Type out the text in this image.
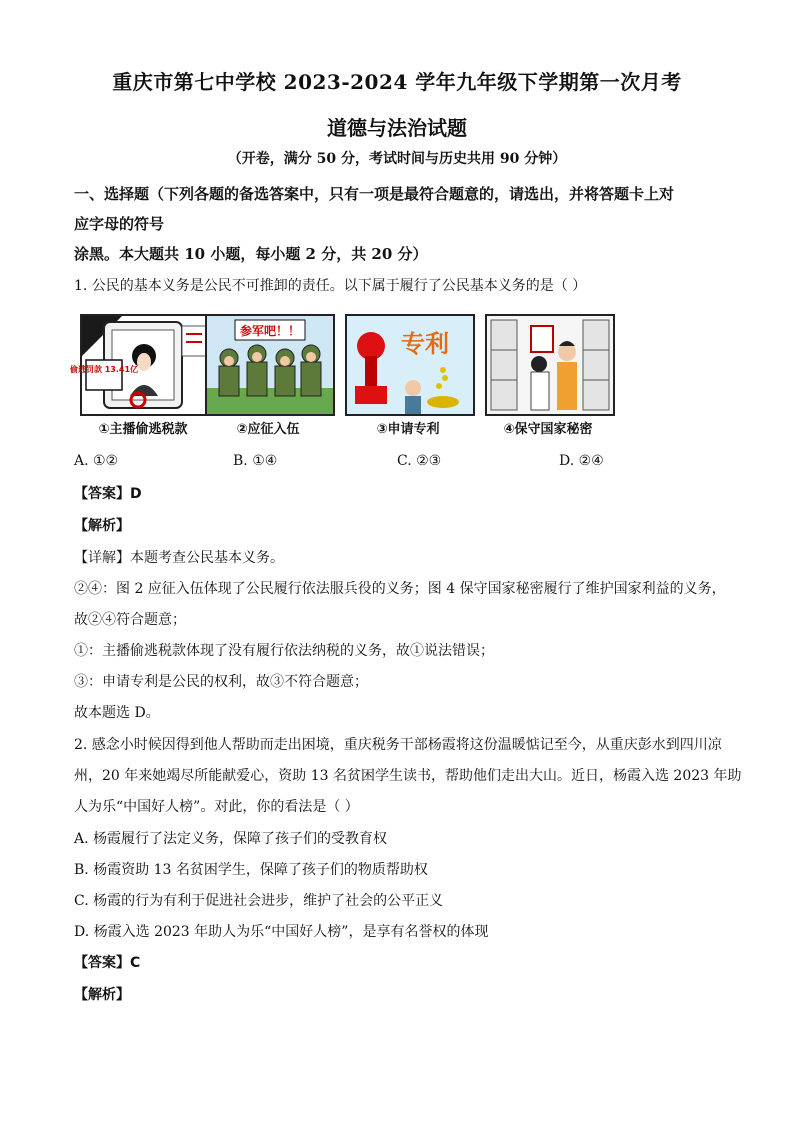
重庆市第七中学校 2023-2024 学年九年级下学期第一次月考
道德与法治试题
（开卷，满分 50 分，考试时间与历史共用 90 分钟）
一、选择题（下列各题的备选答案中，只有一项是最符合题意的，请选出，并将答题卡上对
应字母的符号
涂黑。本大题共 10 小题，每小题 2 分，共 20 分）
1. 公民的基本义务是公民不可推卸的责任。以下属于履行了公民基本义务的是（ ）
偷逃罚款 13.41亿
参军吧！！	专利
①主播偷逃税款	②应征入伍	③申请专利	④保守国家秘密
A. ①②	B. ①④	C. ②③	D. ②④
【答案】D
【解析】
【详解】本题考查公民基本义务。
②④：图 2 应征入伍体现了公民履行依法服兵役的义务；图 4 保守国家秘密履行了维护国家利益的义务，
故②④符合题意；
①：主播偷逃税款体现了没有履行依法纳税的义务，故①说法错误；
③：申请专利是公民的权利，故③不符合题意；
故本题选 D。
2. 感念小时候因得到他人帮助而走出困境，重庆税务干部杨霞将这份温暖惦记至今，从重庆彭水到四川凉
州，20 年来她竭尽所能献爱心，资助 13 名贫困学生读书，帮助他们走出大山。近日，杨霞入选 2023 年助
人为乐“中国好人榜”。对此，你的看法是（ ）
A. 杨霞履行了法定义务，保障了孩子们的受教育权
B. 杨霞资助 13 名贫困学生，保障了孩子们的物质帮助权
C. 杨霞的行为有利于促进社会进步，维护了社会的公平正义
D. 杨霞入选 2023 年助人为乐“中国好人榜”，是享有名誉权的体现
【答案】C
【解析】
